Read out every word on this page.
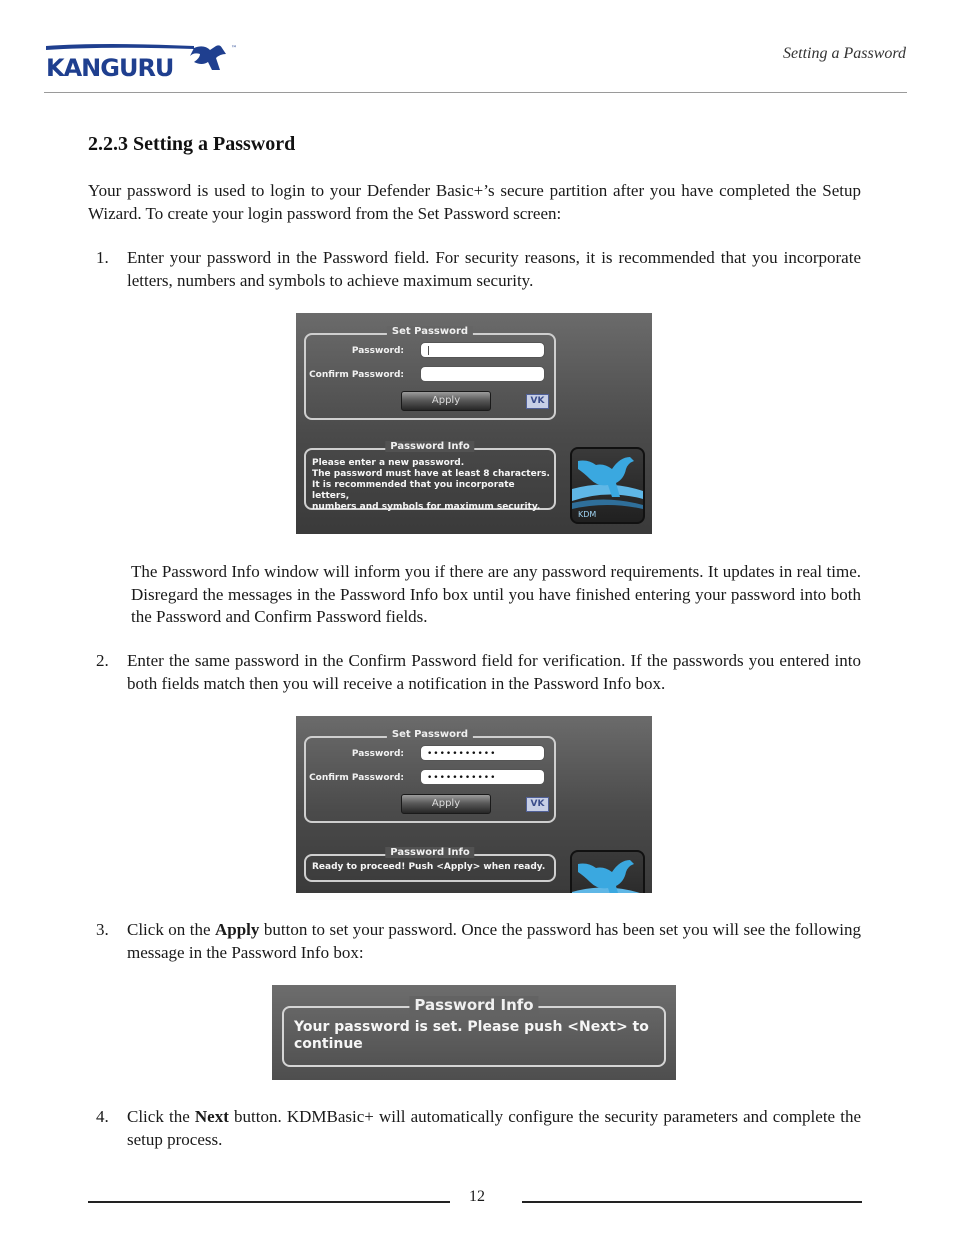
KANGURU
™	Setting a Password
2.2.3 Setting a Password
Your password is used to login to your Defender Basic+’s secure partition after you have completed the Setup Wizard. To create your login password from the Set Password screen:
1.	Enter your password in the Password field. For security reasons, it is recommended that you incorporate letters, numbers and symbols to achieve maximum security.
Set Password
Password:	|
Confirm Password:
Apply	VK
Password Info
Please enter a new password.
The password must have at least 8 characters.
It is recommended that you incorporate letters,
numbers and symbols for maximum security.
KDM
The Password Info window will inform you if there are any password requirements. It updates in real time. Disregard the messages in the Password Info box until you have finished entering your password into both the Password and Confirm Password fields.
2.	Enter the same password in the Confirm Password field for verification. If the passwords you entered into both fields match then you will receive a notification in the Password Info box.
Set Password
Password:	•••••••••••
Confirm Password:	•••••••••••
Apply	VK
Password Info
Ready to proceed! Push <Apply> when ready.
3.	Click on the Apply button to set your password. Once the password has been set you will see the following message in the Password Info box:
Password Info
Your password is set. Please push <Next> to
continue
4.	Click the Next button. KDMBasic+ will automatically configure the security parameters and complete the setup process.
12
